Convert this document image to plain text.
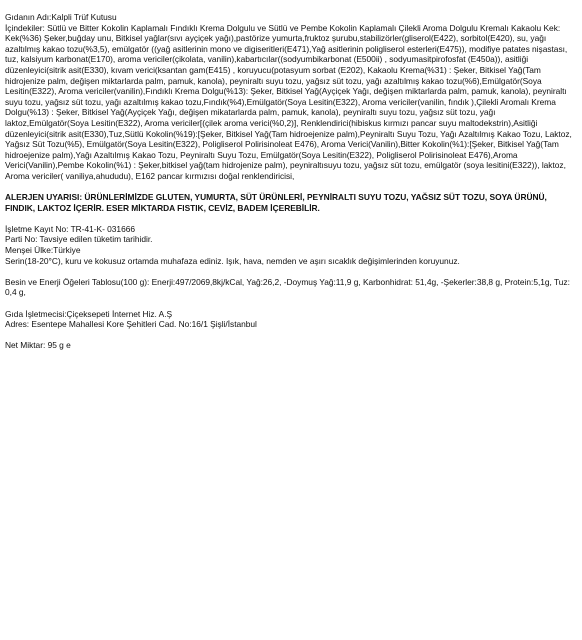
Gıdanın Adı:Kalpli Trüf Kutusu

İçindekiler: Sütlü ve Bitter Kokolin Kaplamalı Fındıklı Krema Dolgulu ve Sütlü ve Pembe Kokolin Kaplamalı Çilekli Aroma Dolgulu Kremalı Kakaolu Kek: Kek(%36) Şeker,buğday unu, Bitkisel yağlar(sıvı ayçiçek yağı),pastörize yumurta,fruktoz şurubu,stabilizörler(gliserol(E422), sorbitol(E420), su, yağı azaltılmış kakao tozu(%3,5), emülgatör ((yağ asitlerinin mono ve digiseritleri(E471),Yağ asitlerinin poligliserol esterleri(E475)), modifiye patates nişastası, tuz, kalsiyum karbonat(E170), aroma vericiler(çikolata, vanilin),kabartıcılar((sodyumbikarbonat (E500ii) , sodyumasitpirofosfat (E450a)), asitliği düzenleyici(sitrik asit(E330), kıvam verici(ksantan gam(E415) , koruyucu(potasyum sorbat (E202), Kakaolu Krema(%31) : Şeker, Bitkisel Yağ(Tam hidrojenize palm, değişen miktarlarda palm, pamuk, kanola), peyniraltı suyu tozu, yağsız süt tozu, yağı azaltılmış kakao tozu(%6),Emülgatör(Soya Lesitin(E322), Aroma vericiler(vanilin),Fındıklı Krema Dolgu(%13): Şeker, Bitkisel Yağ(Ayçiçek Yağı, değişen miktarlarda palm, pamuk, kanola), peyniraltı suyu tozu, yağsız süt tozu, yağı azaltılmış kakao tozu,Fındık(%4),Emülgatör(Soya Lesitin(E322), Aroma vericiler(vanilin, fındık ),Çilekli Aromalı Krema Dolgu(%13) : Şeker, Bitkisel Yağ(Ayçiçek Yağı, değişen mikatarlarda palm, pamuk, kanola), peyniraltı suyu tozu, yağsız süt tozu, yağı laktoz,Emülgatör(Soya Lesitin(E322), Aroma vericiler[(çilek aroma verici(%0,2)], Renklendirici(hibiskus kırmızı pancar suyu maltodekstrin),Asitliği düzenleyici(sitrik asit(E330),Tuz,Sütlü Kokolin(%19):[Şeker, Bitkisel Yağ(Tam hidroejenize palm),Peyniraltı Suyu Tozu, Yağı Azaltılmış Kakao Tozu, Laktoz, Yağsız Süt Tozu(%5), Emülgatör(Soya Lesitin(E322), Poligliserol Polirisinoleat E476), Aroma Verici(Vanilin),Bitter Kokolin(%1):[Şeker, Bitkisel Yağ(Tam hidroejenize palm),Yağı Azaltılmış Kakao Tozu, Peyniraltı Suyu Tozu, Emülgatör(Soya Lesitin(E322), Poligliserol Polirisinoleat E476),Aroma Verici(Vanilin),Pembe Kokolin(%1) : Şeker,bitkisel yağ(tam hidrojenize palm), peyniraltısuyu tozu, yağsız süt tozu, emülgatör (soya lesitini(E322)), laktoz, Aroma vericiler( vaniliya,ahududu), E162 pancar kırmızısı doğal renklendiricisi,

ALERJEN UYARISI: ÜRÜNLERİMİZDE GLUTEN, YUMURTA, SÜT ÜRÜNLERİ, PEYNİRALTI SUYU TOZU, YAĞSIZ SÜT TOZU, SOYA ÜRÜNÜ, FINDIK, LAKTOZ İÇERİR. ESER MİKTARDA FISTIK, CEVİZ, BADEM İÇEREBİLİR.

İşletme Kayıt No: TR-41-K- 031666

Parti No: Tavsiye edilen tüketim tarihidir.

Menşei Ülke:Türkiye

Serin(18-20°C), kuru ve kokusuz ortamda muhafaza ediniz. Işık, hava, nemden ve aşırı sıcaklık değişimlerinden koruyunuz.

Besin ve Enerji Öğeleri Tablosu(100 g): Enerji:497/2069,8kj/kCal, Yağ:26,2, -Doymuş Yağ:11,9 g, Karbonhidrat: 51,4g, -Şekerler:38,8 g, Protein:5,1g, Tuz: 0,4 g,

Gıda İşletmecisi:Çiçeksepeti İnternet Hiz. A.Ş

Adres: Esentepe Mahallesi Kore Şehitleri Cad. No:16/1 Şişli/İstanbul

Net Miktar: 95 g e
